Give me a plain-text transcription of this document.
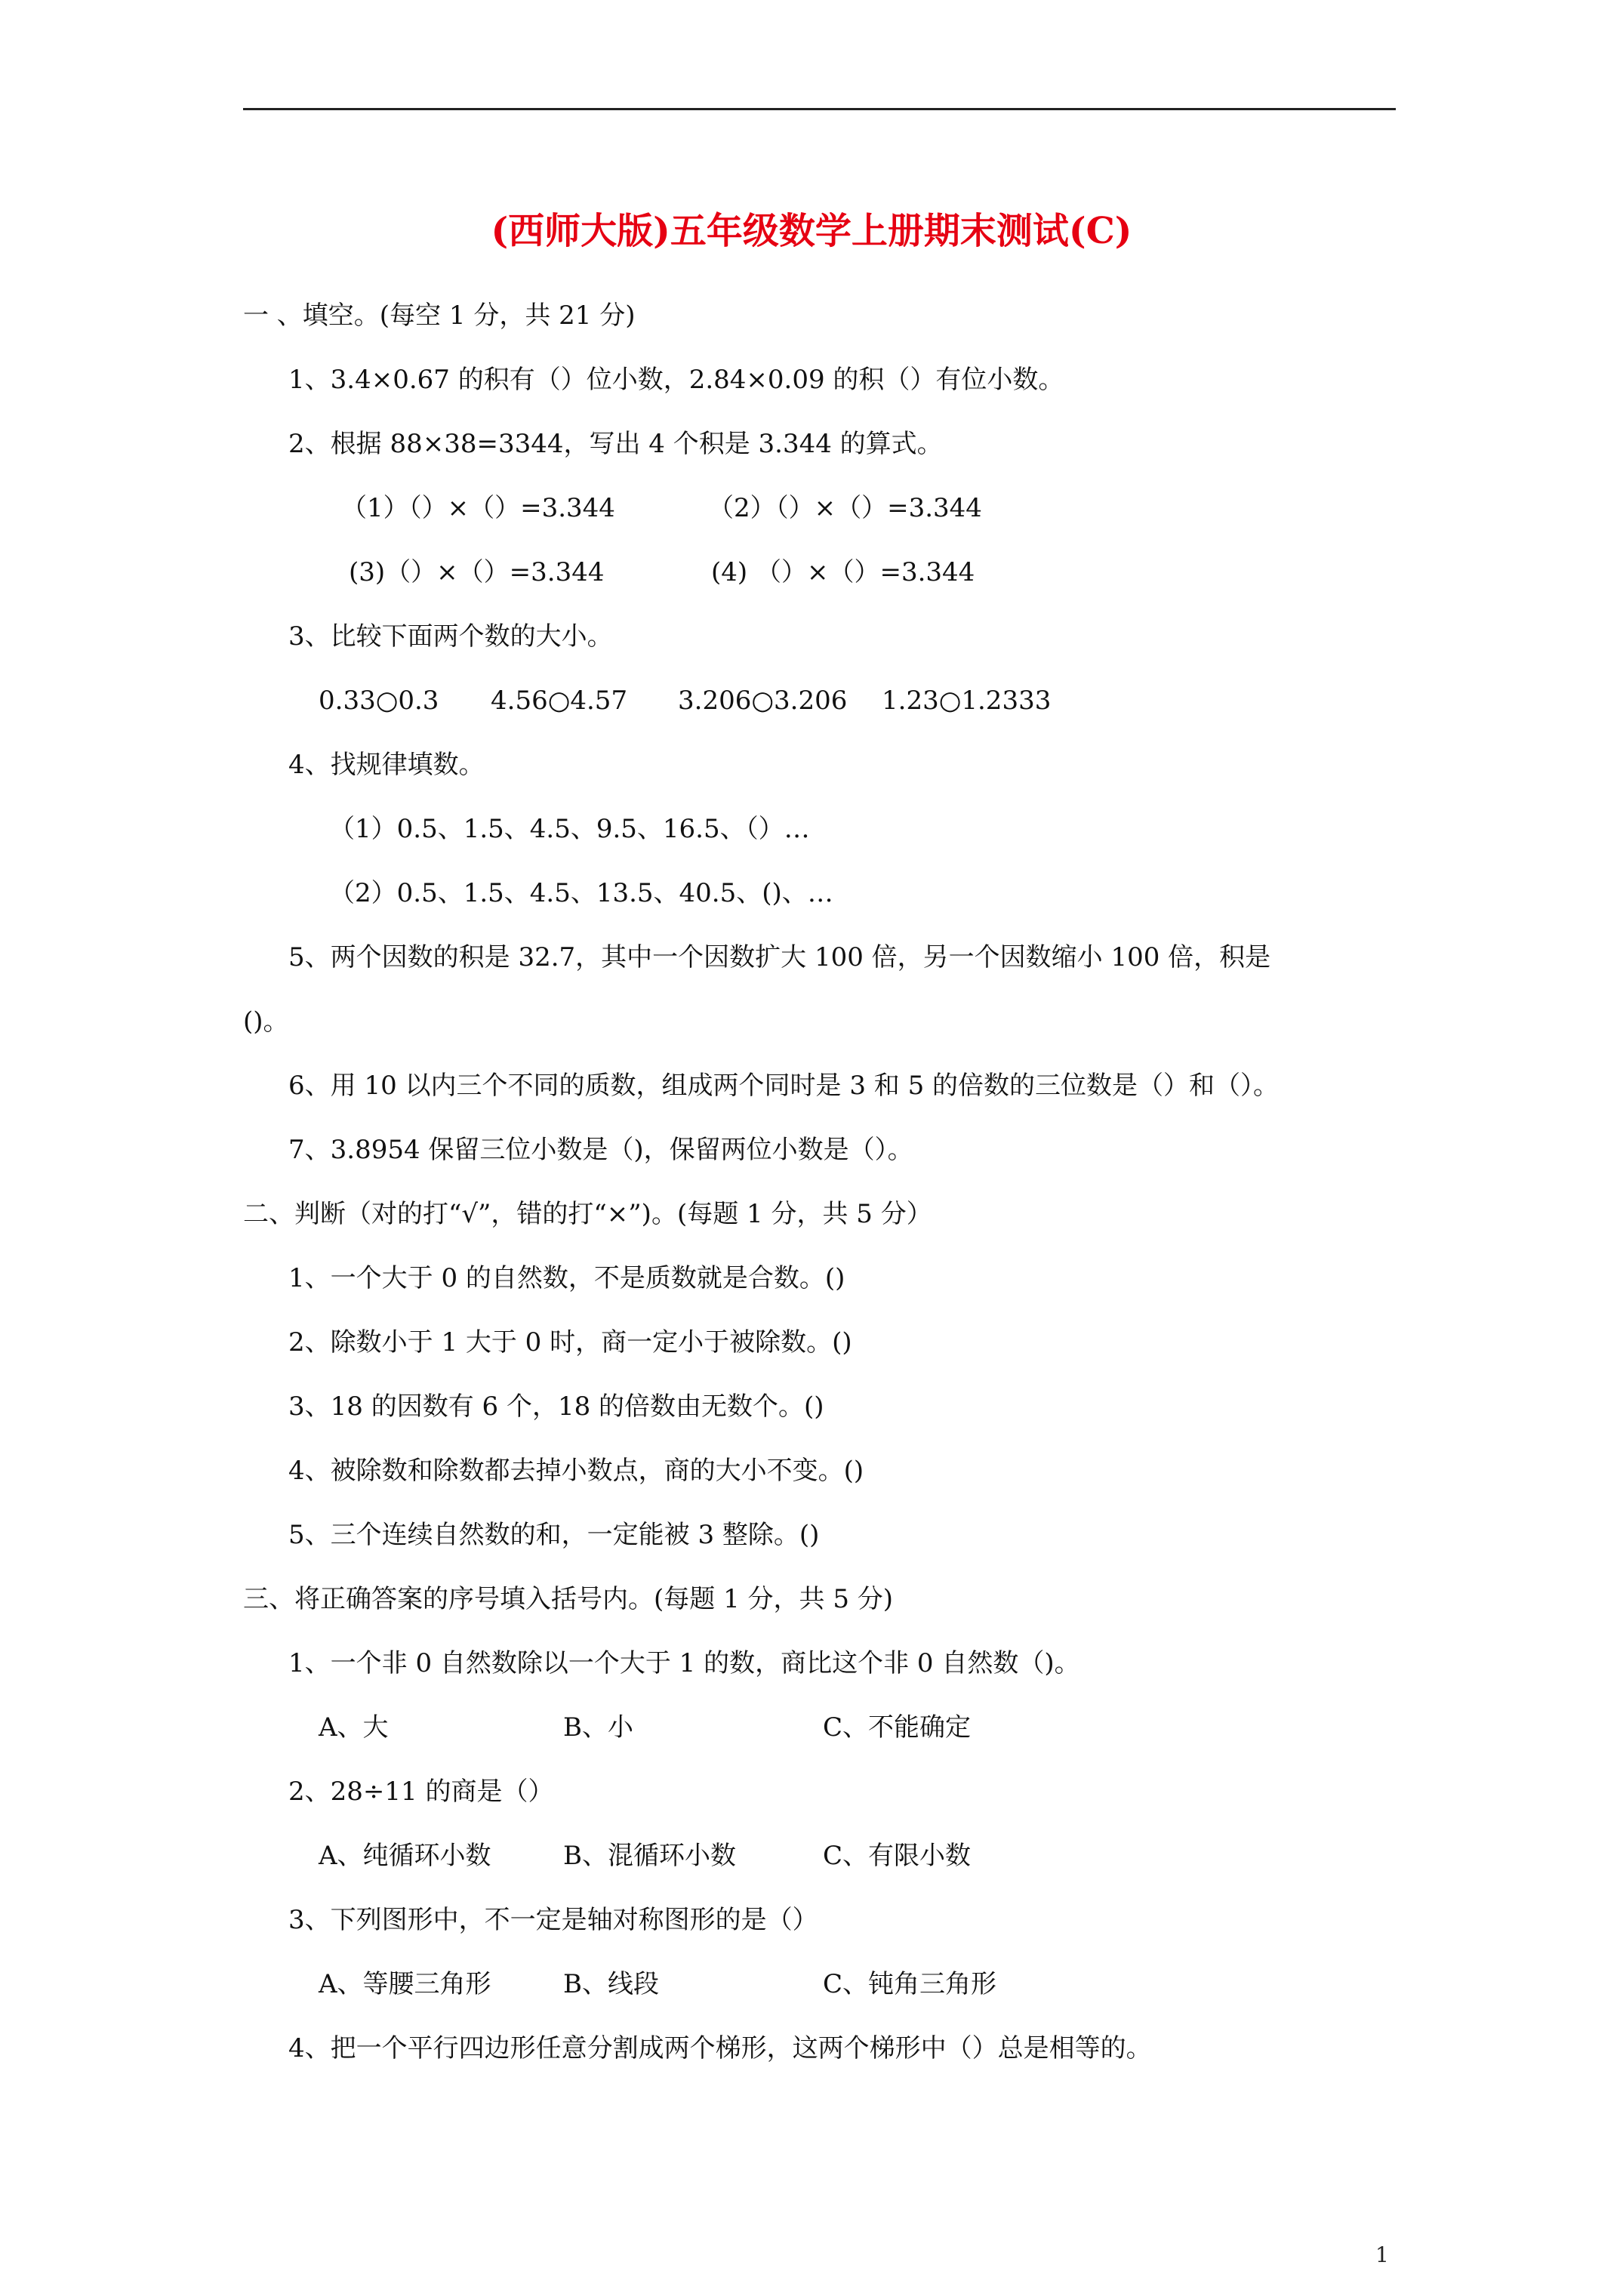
(西师大版)五年级数学上册期末测试(C)
一 、填空。(每空 1 分，共 21 分)
1、3.4×0.67 的积有（）位小数，2.84×0.09 的积（）有位小数。
2、根据 88×38=3344，写出 4 个积是 3.344 的算式。
（1）（）×（）=3.344	（2）（）×（）=3.344
(3)（）×（）=3.344	(4) （）×（）=3.344
3、比较下面两个数的大小。
0.33○0.3 4.56○4.57 3.206○3.206 1.23○1.2333
4、找规律填数。
（1）0.5、1.5、4.5、9.5、16.5、（）…
（2）0.5、1.5、4.5、13.5、40.5、()、…
5、两个因数的积是 32.7，其中一个因数扩大 100 倍，另一个因数缩小 100 倍，积是
()。
6、用 10 以内三个不同的质数，组成两个同时是 3 和 5 的倍数的三位数是（）和（）。
7、3.8954 保留三位小数是（)，保留两位小数是（）。
二、判断（对的打“√”，错的打“×”)。(每题 1 分，共 5 分）
1、一个大于 0 的自然数，不是质数就是合数。()
2、除数小于 1 大于 0 时，商一定小于被除数。()
3、18 的因数有 6 个，18 的倍数由无数个。()
4、被除数和除数都去掉小数点，商的大小不变。()
5、三个连续自然数的和，一定能被 3 整除。()
三、将正确答案的序号填入括号内。(每题 1 分，共 5 分)
1、一个非 0 自然数除以一个大于 1 的数，商比这个非 0 自然数（)。
A、大	B、小	C、不能确定
2、28÷11 的商是（）
A、纯循环小数	B、混循环小数	C、有限小数
3、下列图形中，不一定是轴对称图形的是（）
A、等腰三角形	B、线段	C、钝角三角形
4、把一个平行四边形任意分割成两个梯形，这两个梯形中（）总是相等的。
1
